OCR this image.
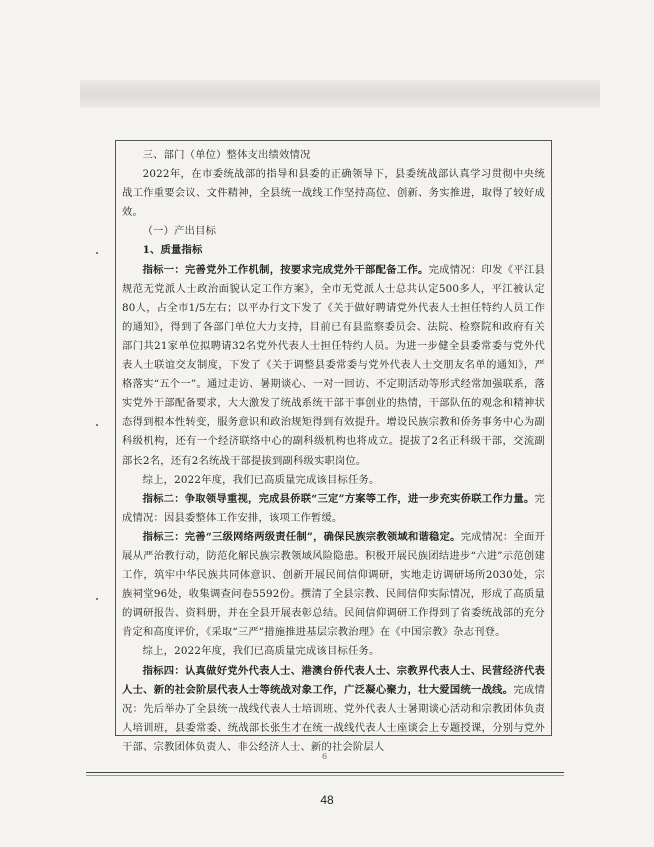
三、部门（单位）整体支出绩效情况

2022年，在市委统战部的指导和县委的正确领导下，县委统战部认真学习贯彻中央统战工作重要会议、文件精神，全县统一战线工作坚持高位、创新、务实推进，取得了较好成效。

（一）产出目标

1、质量指标

指标一：完善党外工作机制，按要求完成党外干部配备工作。完成情况：印发《平江县规范无党派人士政治面貌认定工作方案》，全市无党派人士总共认定500多人，平江被认定80人，占全市1/5左右；以平办行文下发了《关于做好聘请党外代表人士担任特约人员工作的通知》，得到了各部门单位大力支持，目前已有县监察委员会、法院、检察院和政府有关部门共21家单位拟聘请32名党外代表人士担任特约人员。为进一步健全县委常委与党外代表人士联谊交友制度，下发了《关于调整县委常委与党外代表人士交朋友名单的通知》，严格落实“五个一”。通过走访、暑期谈心、一对一回访、不定期活动等形式经常加强联系，落实党外干部配备要求，大大激发了统战系统干部干事创业的热情，干部队伍的观念和精神状态得到根本性转变，服务意识和政治规矩得到有效提升。增设民族宗教和侨务事务中心为副科级机构，还有一个经济联络中心的副科级机构也将成立。提拔了2名正科级干部，交流副部长2名，还有2名统战干部提拔到副科级实职岗位。

综上，2022年度，我们已高质量完成该目标任务。

指标二：争取领导重视，完成县侨联“三定”方案等工作，进一步充实侨联工作力量。完成情况：因县委整体工作安排，该项工作暂缓。

指标三：完善“三级网络两级责任制”，确保民族宗教领域和谐稳定。完成情况：全面开展从严治教行动，防范化解民族宗教领域风险隐患。积极开展民族团结进步“六进”示范创建工作，筑牢中华民族共同体意识、创新开展民间信仰调研，实地走访调研场所2030处，宗族祠堂96处，收集调查问卷5592份。撰清了全县宗教、民间信仰实际情况，形成了高质量的调研报告、资料册，并在全县开展表彰总结。民间信仰调研工作得到了省委统战部的充分肯定和高度评价，《采取“三严”措施推进基层宗教治理》在《中国宗教》杂志刊登。

综上，2022年度，我们已高质量完成该目标任务。

指标四：认真做好党外代表人士、港澳台侨代表人士、宗教界代表人士、民营经济代表人士、新的社会阶层代表人士等统战对象工作，广泛凝心聚力，壮大爱国统一战线。完成情况：先后举办了全县统一战线代表人士培训班、党外代表人士暑期谈心活动和宗教团体负责人培训班，县委常委、统战部长张生才在统一战线代表人士座谈会上专题授课，分别与党外干部、宗教团体负责人、非公经济人士、新的社会阶层人

6
48
